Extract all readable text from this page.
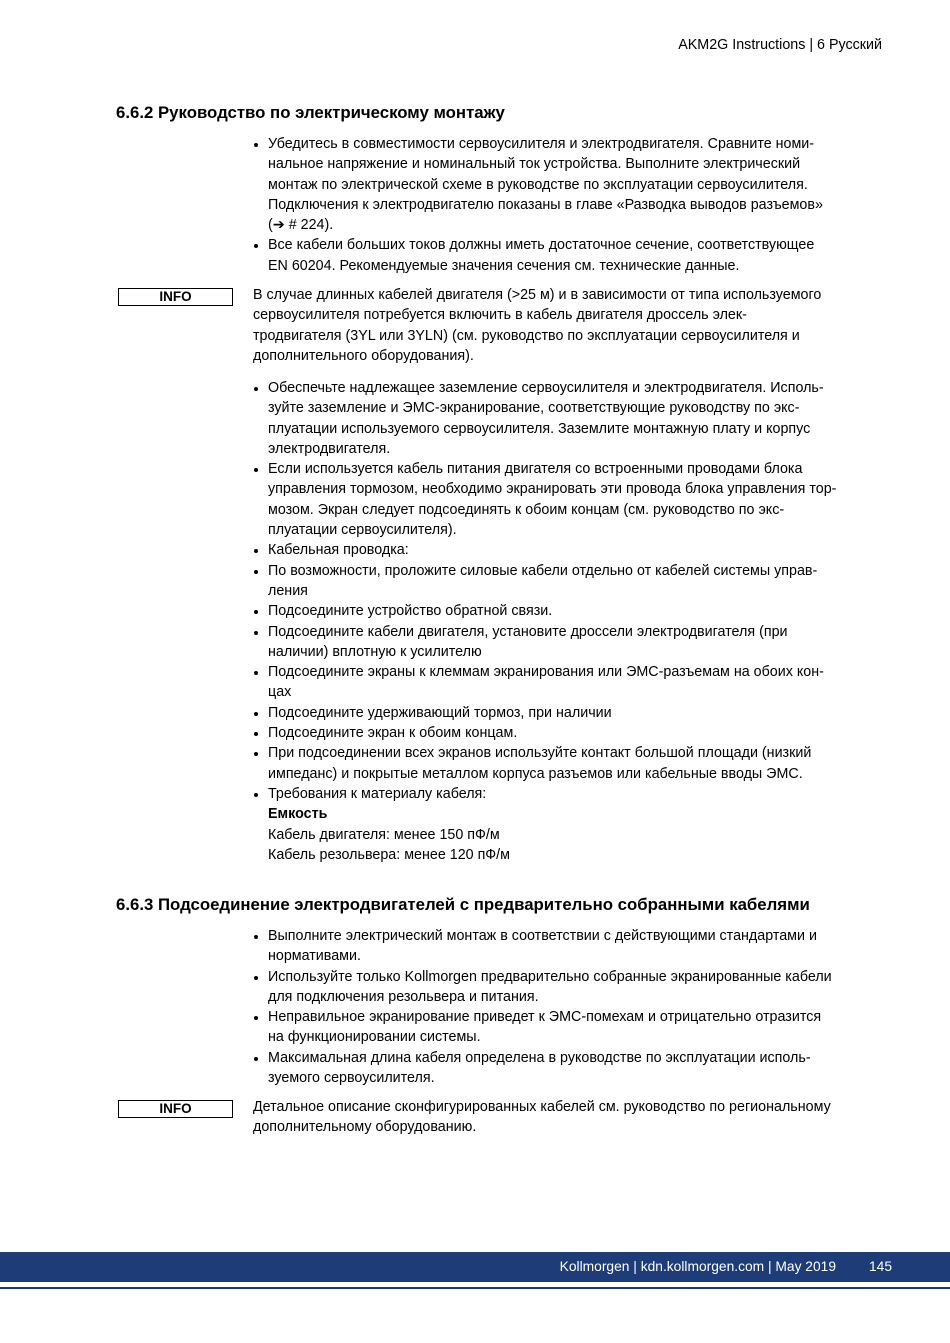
AKM2G Instructions | 6 Русский
6.6.2 Руководство по электрическому монтажу
Убедитесь в совместимости сервоусилителя и электродвигателя. Сравните номи-
нальное напряжение и номинальный ток устройства. Выполните электрический
монтаж по электрической схеме в руководстве по эксплуатации сервоусилителя.
Подключения к электродвигателю показаны в главе «Разводка выводов разъемов»
(➔ # 224).
Все кабели больших токов должны иметь достаточное сечение, соответствующее
EN 60204. Рекомендуемые значения сечения см. технические данные.
INFO	В случае длинных кабелей двигателя (>25 м) и в зависимости от типа используемого
сервоусилителя потребуется включить в кабель двигателя дроссель элек-
тродвигателя (3YL или 3YLN) (см. руководство по эксплуатации сервоусилителя и
дополнительного оборудования).
Обеспечьте надлежащее заземление сервоусилителя и электродвигателя. Исполь-
зуйте заземление и ЭМС-экранирование, соответствующие руководству по экс-
плуатации используемого сервоусилителя. Заземлите монтажную плату и корпус
электродвигателя.
Если используется кабель питания двигателя со встроенными проводами блока
управления тормозом, необходимо экранировать эти провода блока управления тор-
мозом. Экран следует подсоединять к обоим концам (см. руководство по экс-
плуатации сервоусилителя).
Кабельная проводка:
По возможности, проложите силовые кабели отдельно от кабелей системы управ-
ления
Подсоедините устройство обратной связи.
Подсоедините кабели двигателя, установите дроссели электродвигателя (при
наличии) вплотную к усилителю
Подсоедините экраны к клеммам экранирования или ЭМС-разъемам на обоих кон-
цах
Подсоедините удерживающий тормоз, при наличии
Подсоедините экран к обоим концам.
При подсоединении всех экранов используйте контакт большой площади (низкий
импеданс) и покрытые металлом корпуса разъемов или кабельные вводы ЭМС.
Требования к материалу кабеля:
Емкость
Кабель двигателя: менее 150 пФ/м
Кабель резольвера: менее 120 пФ/м
6.6.3 Подсоединение электродвигателей с предварительно собранными кабелями
Выполните электрический монтаж в соответствии с действующими стандартами и
нормативами.
Используйте только Kollmorgen предварительно собранные экранированные кабели
для подключения резольвера и питания.
Неправильное экранирование приведет к ЭМС-помехам и отрицательно отразится
на функционировании системы.
Максимальная длина кабеля определена в руководстве по эксплуатации исполь-
зуемого сервоусилителя.
INFO	Детальное описание сконфигурированных кабелей см. руководство по региональному
дополнительному оборудованию.
Kollmorgen | kdn.kollmorgen.com | May 2019 145
